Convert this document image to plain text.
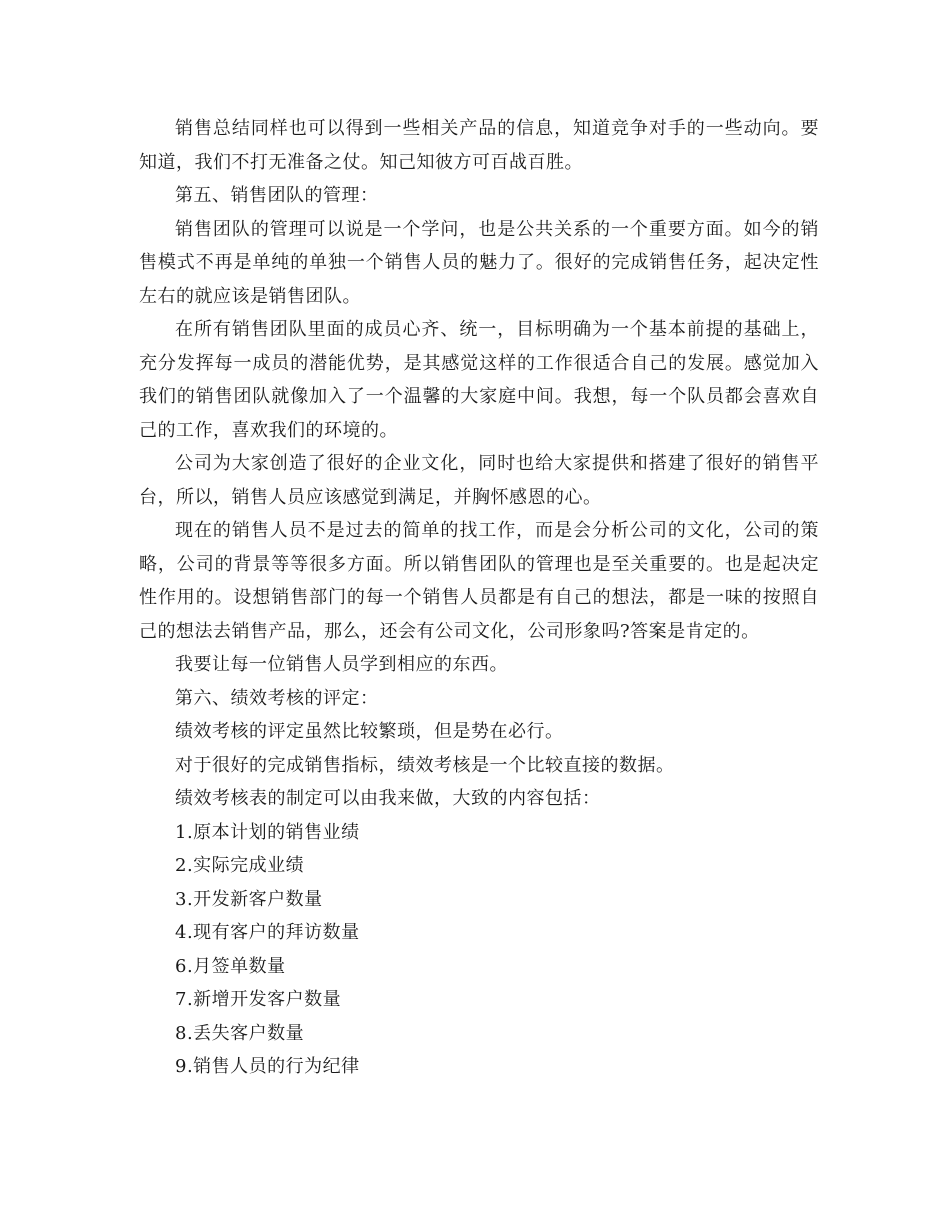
销售总结同样也可以得到一些相关产品的信息，知道竞争对手的一些动向。要知道，我们不打无准备之仗。知己知彼方可百战百胜。

第五、销售团队的管理：

销售团队的管理可以说是一个学问，也是公共关系的一个重要方面。如今的销售模式不再是单纯的单独一个销售人员的魅力了。很好的完成销售任务，起决定性左右的就应该是销售团队。

在所有销售团队里面的成员心齐、统一，目标明确为一个基本前提的基础上，充分发挥每一成员的潜能优势，是其感觉这样的工作很适合自己的发展。感觉加入我们的销售团队就像加入了一个温馨的大家庭中间。我想，每一个队员都会喜欢自己的工作，喜欢我们的环境的。

公司为大家创造了很好的企业文化，同时也给大家提供和搭建了很好的销售平台，所以，销售人员应该感觉到满足，并胸怀感恩的心。

现在的销售人员不是过去的简单的找工作，而是会分析公司的文化，公司的策略，公司的背景等等很多方面。所以销售团队的管理也是至关重要的。也是起决定性作用的。设想销售部门的每一个销售人员都是有自己的想法，都是一味的按照自己的想法去销售产品，那么，还会有公司文化，公司形象吗?答案是肯定的。

我要让每一位销售人员学到相应的东西。

第六、绩效考核的评定：

绩效考核的评定虽然比较繁琐，但是势在必行。

对于很好的完成销售指标，绩效考核是一个比较直接的数据。

绩效考核表的制定可以由我来做，大致的内容包括：

1.原本计划的销售业绩

2.实际完成业绩

3.开发新客户数量

4.现有客户的拜访数量

6.月签单数量

7.新增开发客户数量

8.丢失客户数量

9.销售人员的行为纪律
